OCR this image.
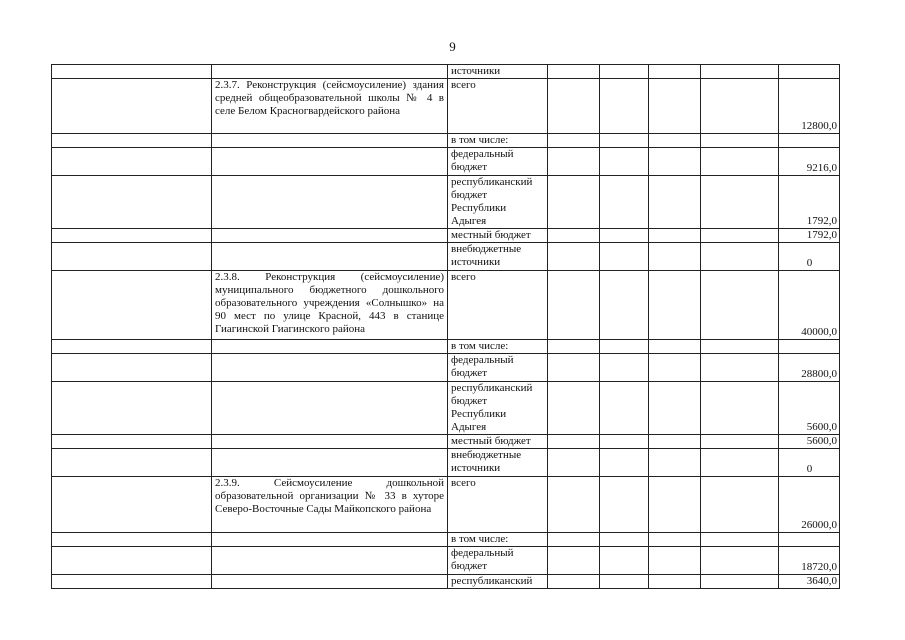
9
		источники					
	2.3.7. Реконструкция (сейсмоусиление) здания средней общеобразовательной школы № 4 в селе Белом Красногвардейского района	всего					12800,0
		в том числе:					
		федеральный бюджет					9216,0
		республиканский бюджет Республики Адыгея					1792,0
		местный бюджет					1792,0
		внебюджетные источники					0
	2.3.8. Реконструкция (сейсмоусиление) муниципального бюджетного дошкольного образовательного учреждения «Солнышко» на 90 мест по улице Красной, 443 в станице Гиагинской Гиагинского района	всего					40000,0
		в том числе:					
		федеральный бюджет					28800,0
		республиканский бюджет Республики Адыгея					5600,0
		местный бюджет					5600,0
		внебюджетные источники					0
	2.3.9. Сейсмоусиление дошкольной образовательной организации № 33 в хуторе Северо-Восточные Сады Майкопского района	всего					26000,0
		в том числе:					
		федеральный бюджет					18720,0
		республиканский					3640,0
